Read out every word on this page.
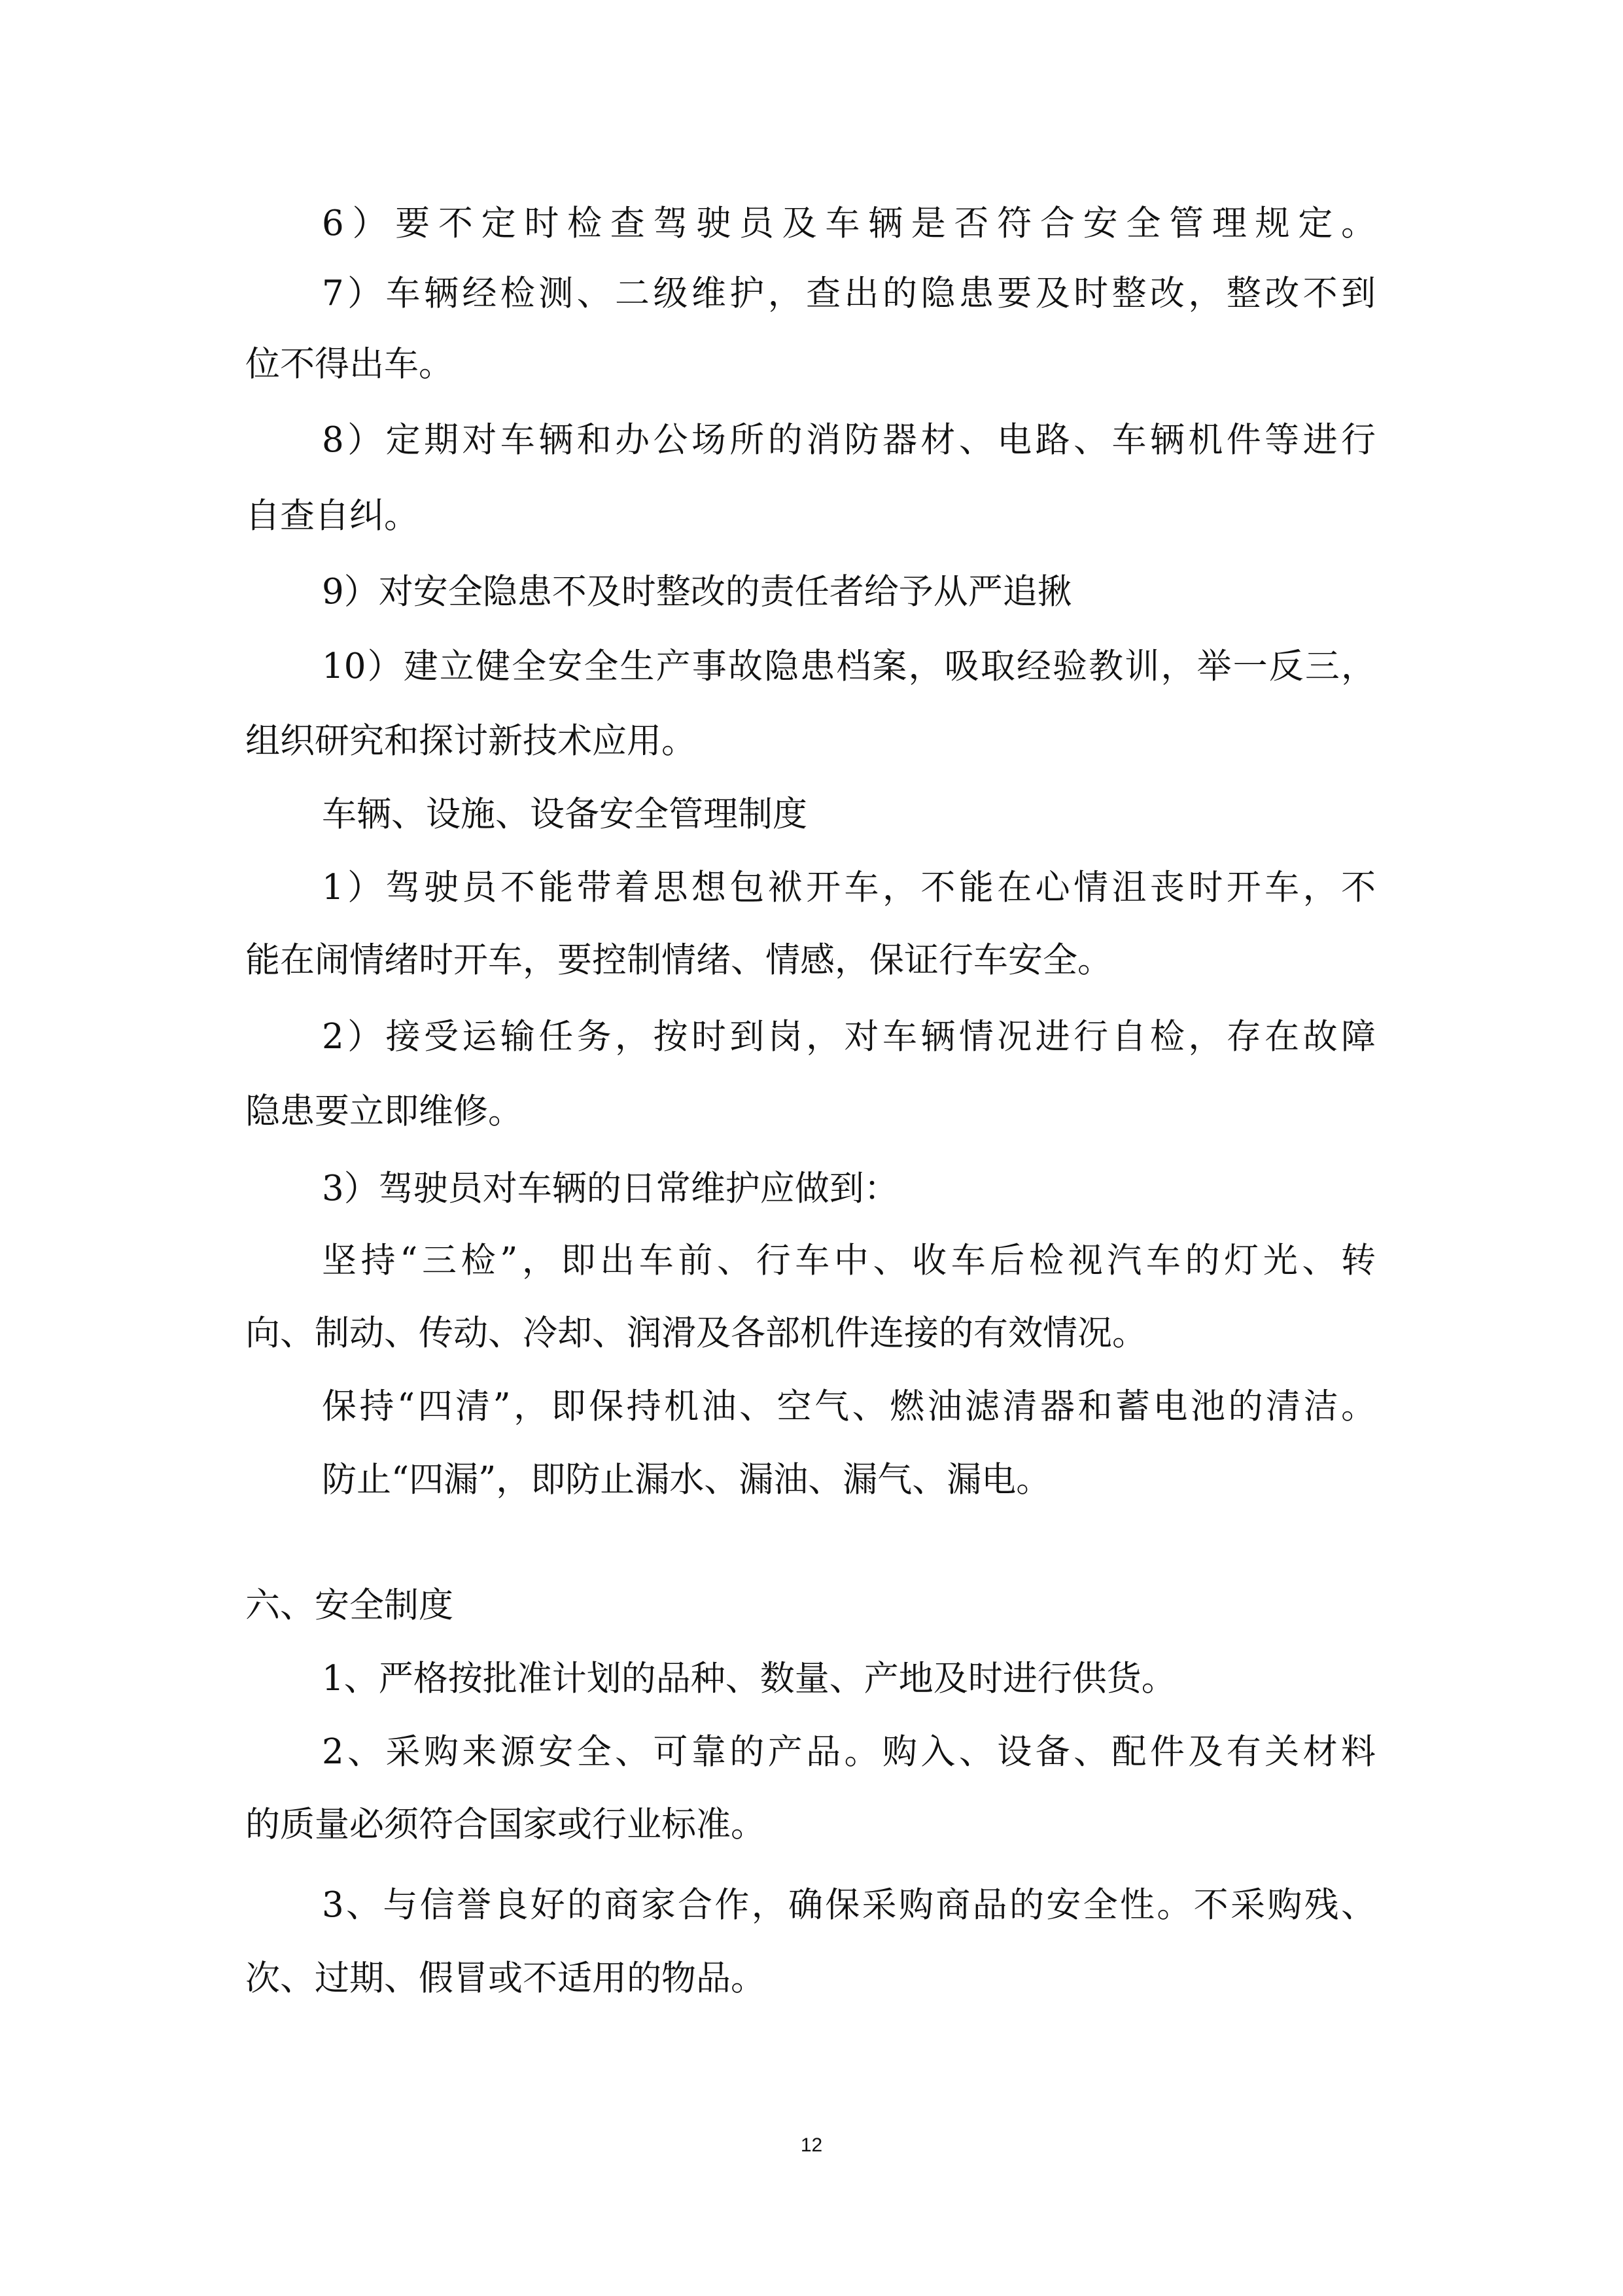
6）要不定时检查驾驶员及车辆是否符合安全管理规定。
7）车辆经检测、二级维护，查出的隐患要及时整改，整改不到
位不得出车。
8）定期对车辆和办公场所的消防器材、电路、车辆机件等进行
自查自纠。
9）对安全隐患不及时整改的责任者给予从严追揪
10）建立健全安全生产事故隐患档案，吸取经验教训，举一反三，
组织研究和探讨新技术应用。
车辆、设施、设备安全管理制度
1）驾驶员不能带着思想包袱开车，不能在心情沮丧时开车，不
能在闹情绪时开车，要控制情绪、情感，保证行车安全。
2）接受运输任务，按时到岗，对车辆情况进行自检，存在故障
隐患要立即维修。
3）驾驶员对车辆的日常维护应做到：
坚持“三检”，即出车前、行车中、收车后检视汽车的灯光、转
向、制动、传动、冷却、润滑及各部机件连接的有效情况。
保持“四清”，即保持机油、空气、燃油滤清器和蓄电池的清洁。
防止“四漏”，即防止漏水、漏油、漏气、漏电。
六、安全制度
1、严格按批准计划的品种、数量、产地及时进行供货。
2、采购来源安全、可靠的产品。购入、设备、配件及有关材料
的质量必须符合国家或行业标准。
3、与信誉良好的商家合作，确保采购商品的安全性。不采购残、
次、过期、假冒或不适用的物品。
12
